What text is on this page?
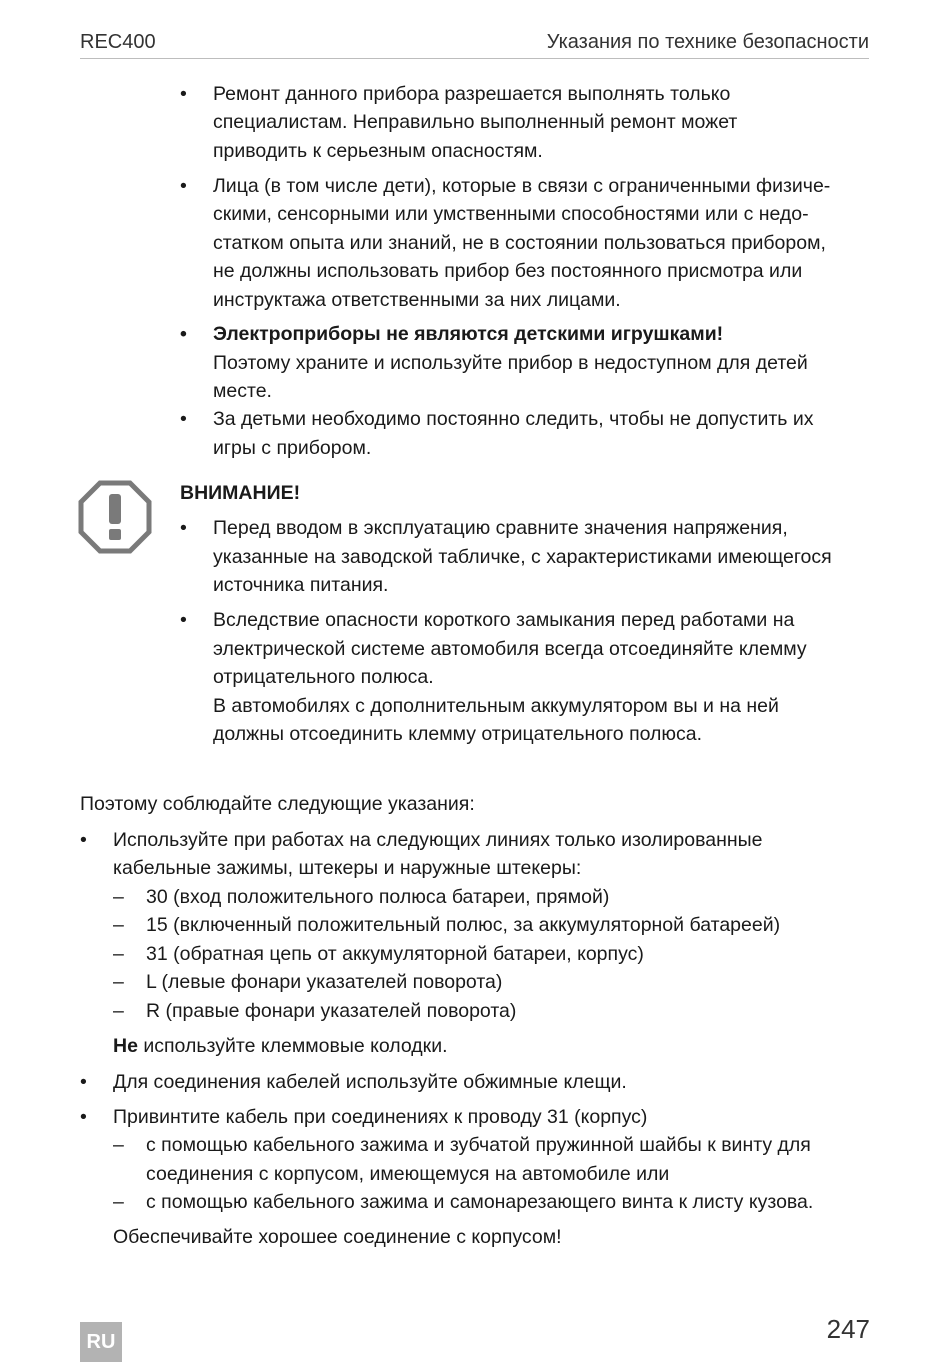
REC400	Указания по технике безопасности
• Ремонт данного прибора разрешается выполнять только
специалистам. Неправильно выполненный ремонт может
приводить к серьезным опасностям.
• Лица (в том числе дети), которые в связи с ограниченными физиче-
скими, сенсорными или умственными способностями или с недо-
статком опыта или знаний, не в состоянии пользоваться прибором,
не должны использовать прибор без постоянного присмотра или
инструктажа ответственными за них лицами.
• Электроприборы не являются детскими игрушками!
Поэтому храните и используйте прибор в недоступном для детей
месте.
• За детьми необходимо постоянно следить, чтобы не допустить их
игры с прибором.
ВНИМАНИЕ!
• Перед вводом в эксплуатацию сравните значения напряжения,
указанные на заводской табличке, с характеристиками имеющегося
источника питания.
• Вследствие опасности короткого замыкания перед работами на
электрической системе автомобиля всегда отсоединяйте клемму
отрицательного полюса.
В автомобилях с дополнительным аккумулятором вы и на ней
должны отсоединить клемму отрицательного полюса.
Поэтому соблюдайте следующие указания:
• Используйте при работах на следующих линиях только изолированные
кабельные зажимы, штекеры и наружные штекеры:
– 30 (вход положительного полюса батареи, прямой)
– 15 (включенный положительный полюс, за аккумуляторной батареей)
– 31 (обратная цепь от аккумуляторной батареи, корпус)
– L (левые фонари указателей поворота)
– R (правые фонари указателей поворота)
Не используйте клеммовые колодки.
• Для соединения кабелей используйте обжимные клещи.
• Привинтите кабель при соединениях к проводу 31 (корпус)
– с помощью кабельного зажима и зубчатой пружинной шайбы к винту для
соединения с корпусом, имеющемуся на автомобиле или
– с помощью кабельного зажима и самонарезающего винта к листу кузова.
Обеспечивайте хорошее соединение с корпусом!
RU	247
